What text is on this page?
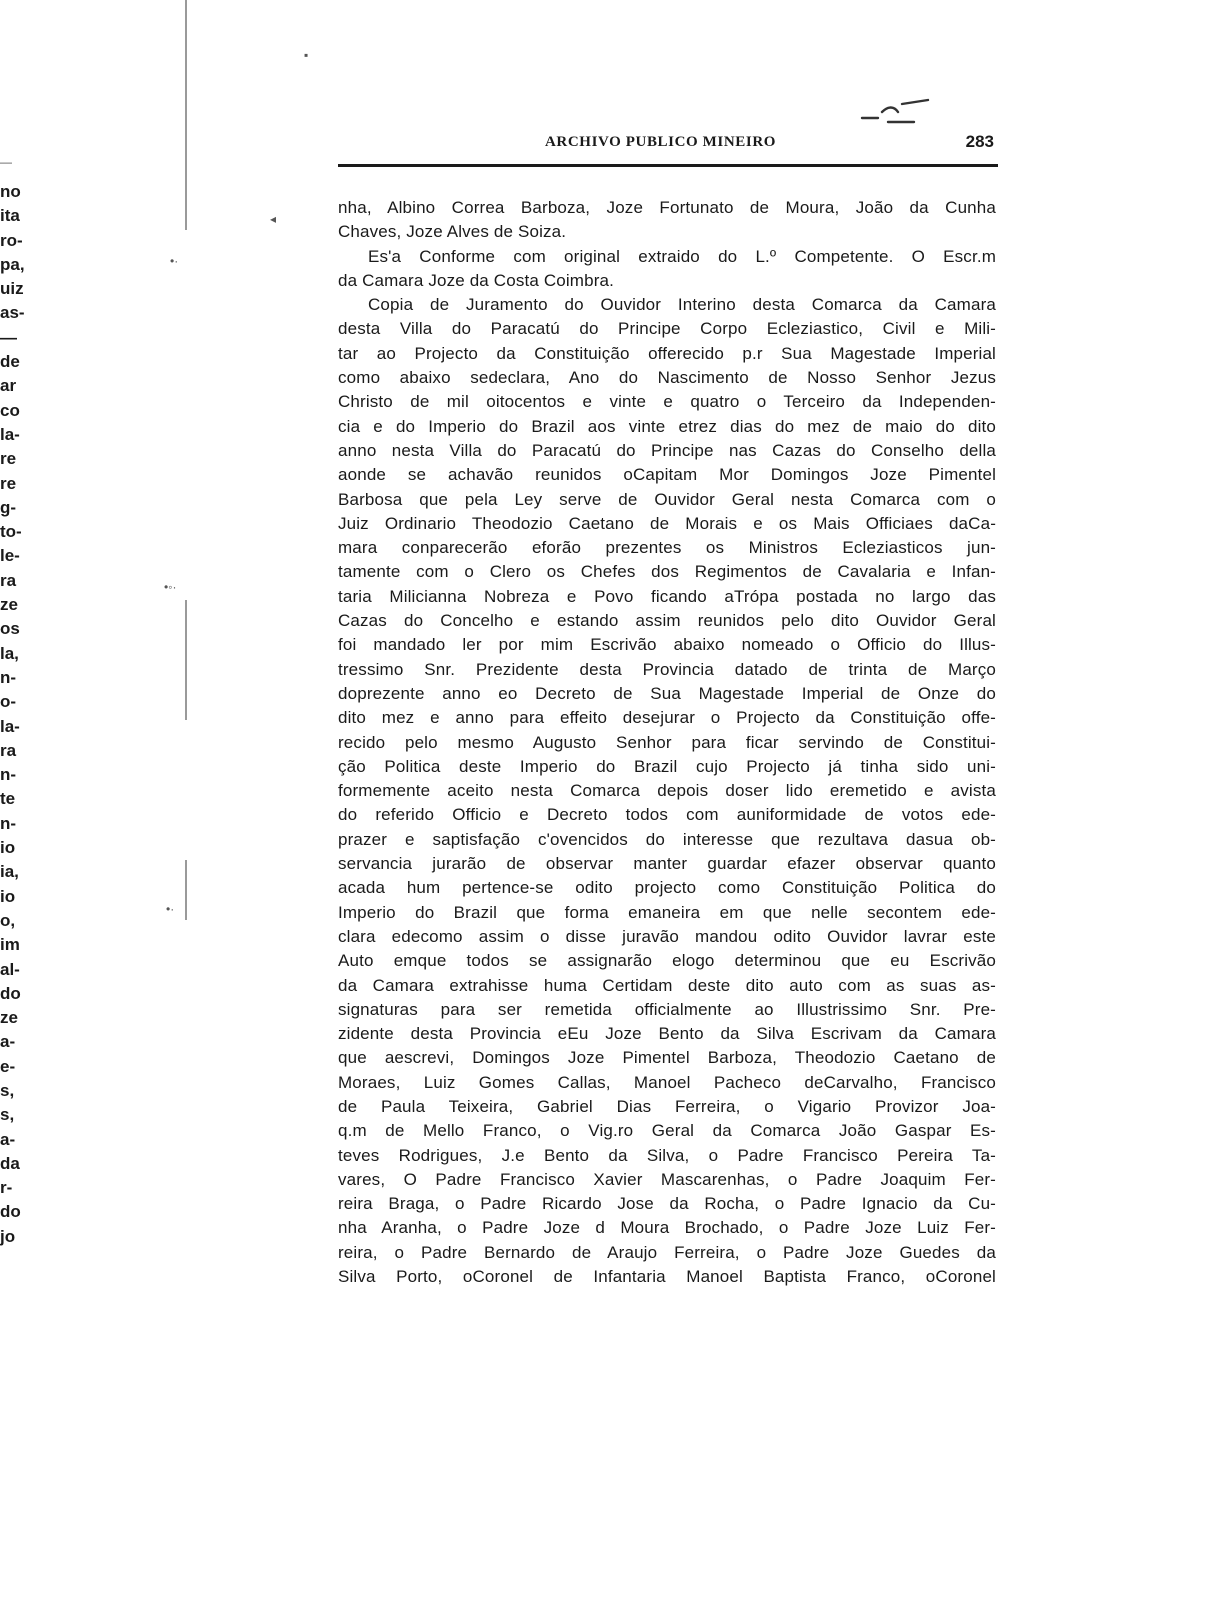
▪
◂
•·
•◦·
•·
—
no
ita
ro-
pa,
uiz
as-
—
de
ar
co
la-
re
re
g-
to-
le-
ra
ze
os
la,
n-
o-
la-
ra
n-
te
n-
io
ia,
io
o,
im
al-
do
ze
a-
e-
s,
s,
a-
da
r-
do
jo
ARCHIVO PUBLICO MINEIRO	283
nha, Albino Correa Barboza, Joze Fortunato de Moura, João da Cunha
Chaves, Joze Alves de Soiza.
Es'a Conforme com original extraido do L.º Competente. O Escr.m
da Camara Joze da Costa Coimbra.
Copia de Juramento do Ouvidor Interino desta Comarca da Camara
desta Villa do Paracatú do Principe Corpo Ecleziastico, Civil e Mili-
tar ao Projecto da Constituição offerecido p.r Sua Magestade Imperial
como abaixo sedeclara, Ano do Nascimento de Nosso Senhor Jezus
Christo de mil oitocentos e vinte e quatro o Terceiro da Independen-
cia e do Imperio do Brazil aos vinte etrez dias do mez de maio do dito
anno nesta Villa do Paracatú do Principe nas Cazas do Conselho della
aonde se achavão reunidos oCapitam Mor Domingos Joze Pimentel
Barbosa que pela Ley serve de Ouvidor Geral nesta Comarca com o
Juiz Ordinario Theodozio Caetano de Morais e os Mais Officiaes daCa-
mara conparecerão eforão prezentes os Ministros Ecleziasticos jun-
tamente com o Clero os Chefes dos Regimentos de Cavalaria e Infan-
taria Milicianna Nobreza e Povo ficando aTrópa postada no largo das
Cazas do Concelho e estando assim reunidos pelo dito Ouvidor Geral
foi mandado ler por mim Escrivão abaixo nomeado o Officio do Illus-
tressimo Snr. Prezidente desta Provincia datado de trinta de Março
doprezente anno eo Decreto de Sua Magestade Imperial de Onze do
dito mez e anno para effeito desejurar o Projecto da Constituição offe-
recido pelo mesmo Augusto Senhor para ficar servindo de Constitui-
ção Politica deste Imperio do Brazil cujo Projecto já tinha sido uni-
formemente aceito nesta Comarca depois doser lido eremetido e avista
do referido Officio e Decreto todos com auniformidade de votos ede-
prazer e saptisfação c'ovencidos do interesse que rezultava dasua ob-
servancia jurarão de observar manter guardar efazer observar quanto
acada hum pertence-se odito projecto como Constituição Politica do
Imperio do Brazil que forma emaneira em que nelle secontem ede-
clara edecomo assim o disse juravão mandou odito Ouvidor lavrar este
Auto emque todos se assignarão elogo determinou que eu Escrivão
da Camara extrahisse huma Certidam deste dito auto com as suas as-
signaturas para ser remetida officialmente ao Illustrissimo Snr. Pre-
zidente desta Provincia eEu Joze Bento da Silva Escrivam da Camara
que aescrevi, Domingos Joze Pimentel Barboza, Theodozio Caetano de
Moraes, Luiz Gomes Callas, Manoel Pacheco deCarvalho, Francisco
de Paula Teixeira, Gabriel Dias Ferreira, o Vigario Provizor Joa-
q.m de Mello Franco, o Vig.ro Geral da Comarca João Gaspar Es-
teves Rodrigues, J.e Bento da Silva, o Padre Francisco Pereira Ta-
vares, O Padre Francisco Xavier Mascarenhas, o Padre Joaquim Fer-
reira Braga, o Padre Ricardo Jose da Rocha, o Padre Ignacio da Cu-
nha Aranha, o Padre Joze d Moura Brochado, o Padre Joze Luiz Fer-
reira, o Padre Bernardo de Araujo Ferreira, o Padre Joze Guedes da
Silva Porto, oCoronel de Infantaria Manoel Baptista Franco, oCoronel
